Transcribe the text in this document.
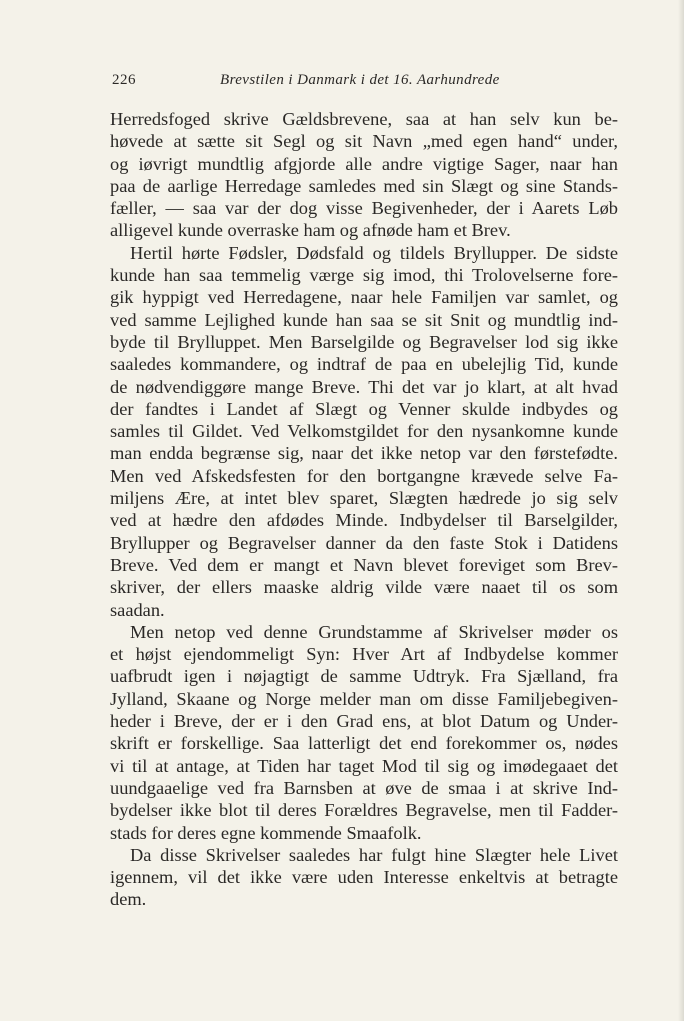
226	Brevstilen i Danmark i det 16. Aarhundrede
Herredsfoged skrive Gældsbrevene, saa at han selv kun be-
høvede at sætte sit Segl og sit Navn „med egen hand“ under,
og iøvrigt mundtlig afgjorde alle andre vigtige Sager, naar han
paa de aarlige Herredage samledes med sin Slægt og sine Stands-
fæller, — saa var der dog visse Begivenheder, der i Aarets Løb
alligevel kunde overraske ham og afnøde ham et Brev.
Hertil hørte Fødsler, Dødsfald og tildels Bryllupper. De sidste
kunde han saa temmelig værge sig imod, thi Trolovelserne fore-
gik hyppigt ved Herredagene, naar hele Familjen var samlet, og
ved samme Lejlighed kunde han saa se sit Snit og mundtlig ind-
byde til Brylluppet. Men Barselgilde og Begravelser lod sig ikke
saaledes kommandere, og indtraf de paa en ubelejlig Tid, kunde
de nødvendiggøre mange Breve. Thi det var jo klart, at alt hvad
der fandtes i Landet af Slægt og Venner skulde indbydes og
samles til Gildet. Ved Velkomstgildet for den nysankomne kunde
man endda begrænse sig, naar det ikke netop var den førstefødte.
Men ved Afskedsfesten for den bortgangne krævede selve Fa-
miljens Ære, at intet blev sparet, Slægten hædrede jo sig selv
ved at hædre den afdødes Minde. Indbydelser til Barselgilder,
Bryllupper og Begravelser danner da den faste Stok i Datidens
Breve. Ved dem er mangt et Navn blevet foreviget som Brev-
skriver, der ellers maaske aldrig vilde være naaet til os som
saadan.
Men netop ved denne Grundstamme af Skrivelser møder os
et højst ejendommeligt Syn: Hver Art af Indbydelse kommer
uafbrudt igen i nøjagtigt de samme Udtryk. Fra Sjælland, fra
Jylland, Skaane og Norge melder man om disse Familjebegiven-
heder i Breve, der er i den Grad ens, at blot Datum og Under-
skrift er forskellige. Saa latterligt det end forekommer os, nødes
vi til at antage, at Tiden har taget Mod til sig og imødegaaet det
uundgaaelige ved fra Barnsben at øve de smaa i at skrive Ind-
bydelser ikke blot til deres Forældres Begravelse, men til Fadder-
stads for deres egne kommende Smaafolk.
Da disse Skrivelser saaledes har fulgt hine Slægter hele Livet
igennem, vil det ikke være uden Interesse enkeltvis at betragte
dem.
